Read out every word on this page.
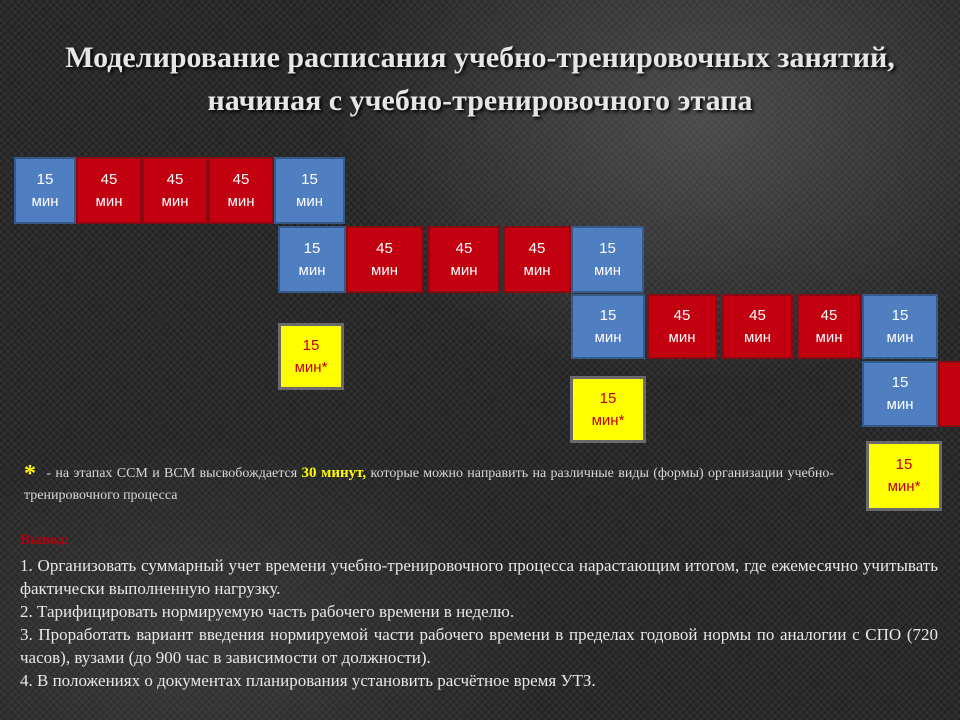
Моделирование расписания учебно-тренировочных занятий, начиная с учебно-тренировочного этапа
15
мин
45
мин
45
мин
45
мин
15
мин
15
мин
45
мин
45
мин
45
мин
15
мин
15
мин
45
мин
45
мин
45
мин
15
мин
15
мин
15
мин*
15
мин*
15
мин*
* - на этапах ССМ и ВСМ высвобождается 30 минут, которые можно направить на различные виды (формы) организации учебно- тренировочного процесса
Вывод:

1. Организовать суммарный учет времени учебно-тренировочного процесса нарастающим итогом, где ежемесячно учитывать фактически выполненную нагрузку.

2. Тарифицировать нормируемую часть рабочего времени в неделю.

3. Проработать вариант введения нормируемой части рабочего времени в пределах годовой нормы по аналогии с СПО (720 часов), вузами (до 900 час в зависимости от должности).

4. В положениях о документах планирования установить расчётное время УТЗ.
